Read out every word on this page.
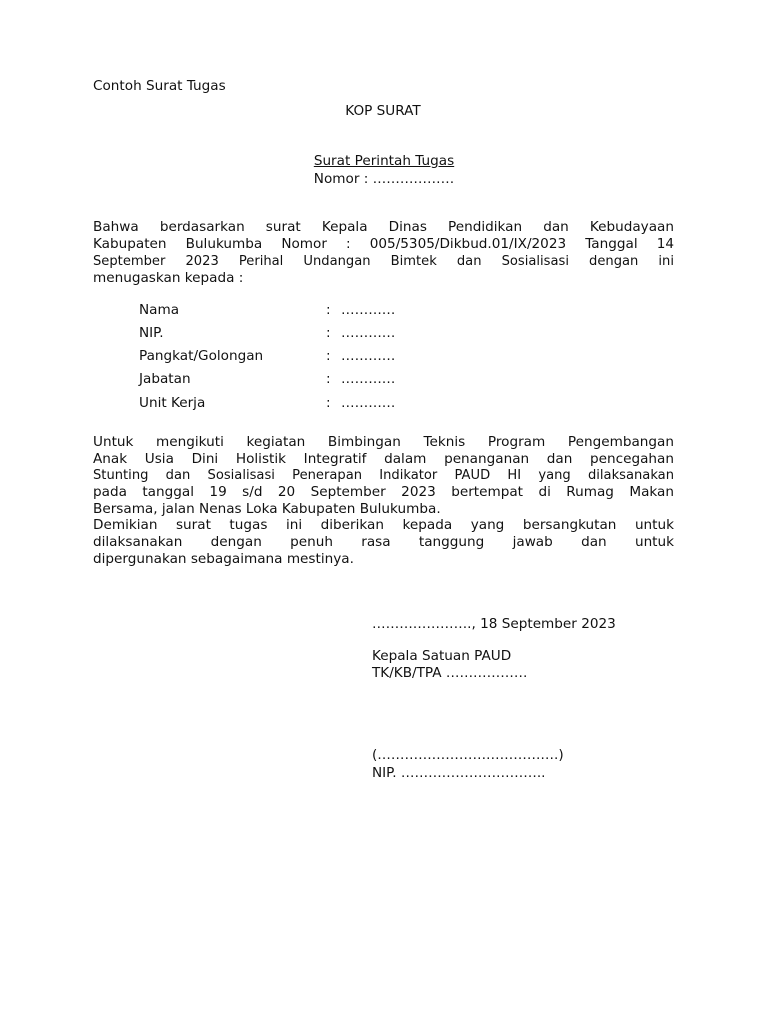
Contoh Surat Tugas
KOP SURAT
Surat Perintah Tugas
Nomor : ………………
Bahwa berdasarkan surat Kepala Dinas Pendidikan dan Kebudayaan
Kabupaten Bulukumba Nomor : 005/5305/Dikbud.01/IX/2023 Tanggal 14
September 2023 Perihal Undangan Bimtek dan Sosialisasi dengan ini
menugaskan kepada :
Nama	: …………
NIP.	: …………
Pangkat/Golongan	: …………
Jabatan	: …………
Unit Kerja	: …………
Untuk mengikuti kegiatan Bimbingan Teknis Program Pengembangan
Anak Usia Dini Holistik Integratif dalam penanganan dan pencegahan
Stunting dan Sosialisasi Penerapan Indikator PAUD HI yang dilaksanakan
pada tanggal 19 s/d 20 September 2023 bertempat di Rumag Makan
Bersama, jalan Nenas Loka Kabupaten Bulukumba.
Demikian surat tugas ini diberikan kepada yang bersangkutan untuk
dilaksanakan dengan penuh rasa tanggung jawab dan untuk
dipergunakan sebagaimana mestinya.
…………………., 18 September 2023
Kepala Satuan PAUD
TK/KB/TPA ………………
(………………………………….)
NIP. …………………………..
